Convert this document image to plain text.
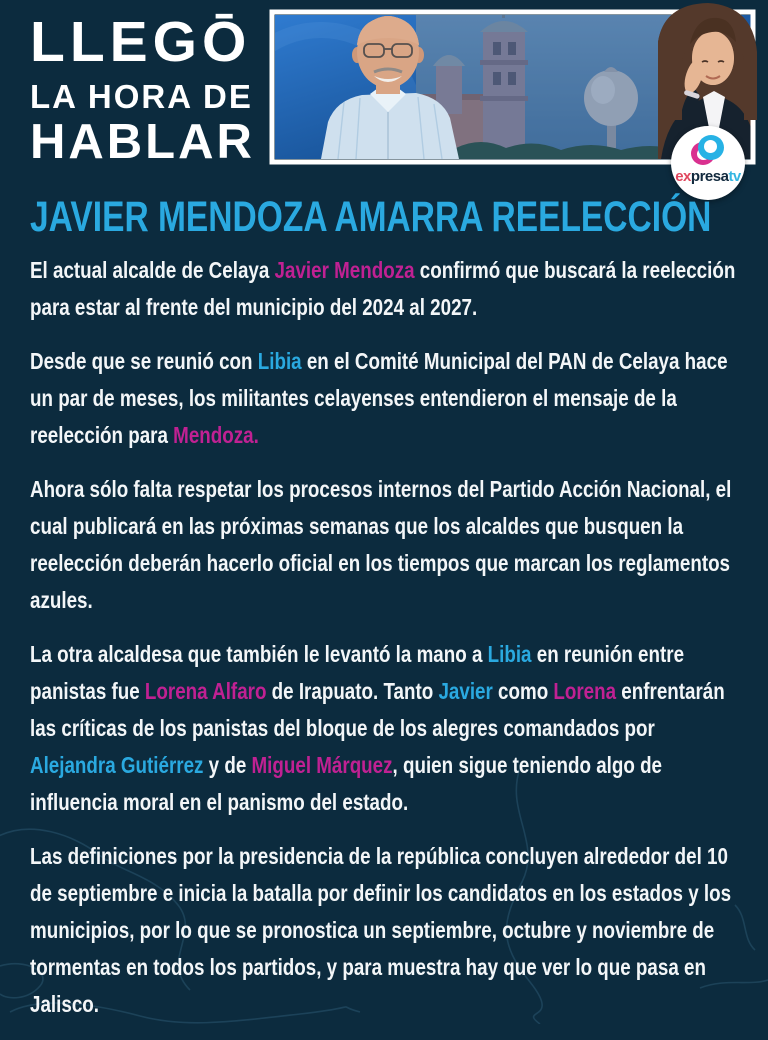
LLEGŌ
LA HORA DE
HABLAR
expresatv
JAVIER MENDOZA AMARRA REELECCIÓN

El actual alcalde de Celaya Javier Mendoza confirmó que buscará la reelección para estar al frente del municipio del 2024 al 2027.

Desde que se reunió con Libia en el Comité Municipal del PAN de Celaya hace un par de meses, los militantes celayenses entendieron el mensaje de la reelección para Mendoza.

Ahora sólo falta respetar los procesos internos del Partido Acción Nacional, el cual publicará en las próximas semanas que los alcaldes que busquen la reelección deberán hacerlo oficial en los tiempos que marcan los reglamentos azules.

La otra alcaldesa que también le levantó la mano a Libia en reunión entre panistas fue Lorena Alfaro de Irapuato. Tanto Javier como Lorena enfrentarán las críticas de los panistas del bloque de los alegres comandados por Alejandra Gutiérrez y de Miguel Márquez, quien sigue teniendo algo de influencia moral en el panismo del estado.

Las definiciones por la presidencia de la república concluyen alrededor del 10 de septiembre e inicia la batalla por definir los candidatos en los estados y los municipios, por lo que se pronostica un septiembre, octubre y noviembre de tormentas en todos los partidos, y para muestra hay que ver lo que pasa en Jalisco.
